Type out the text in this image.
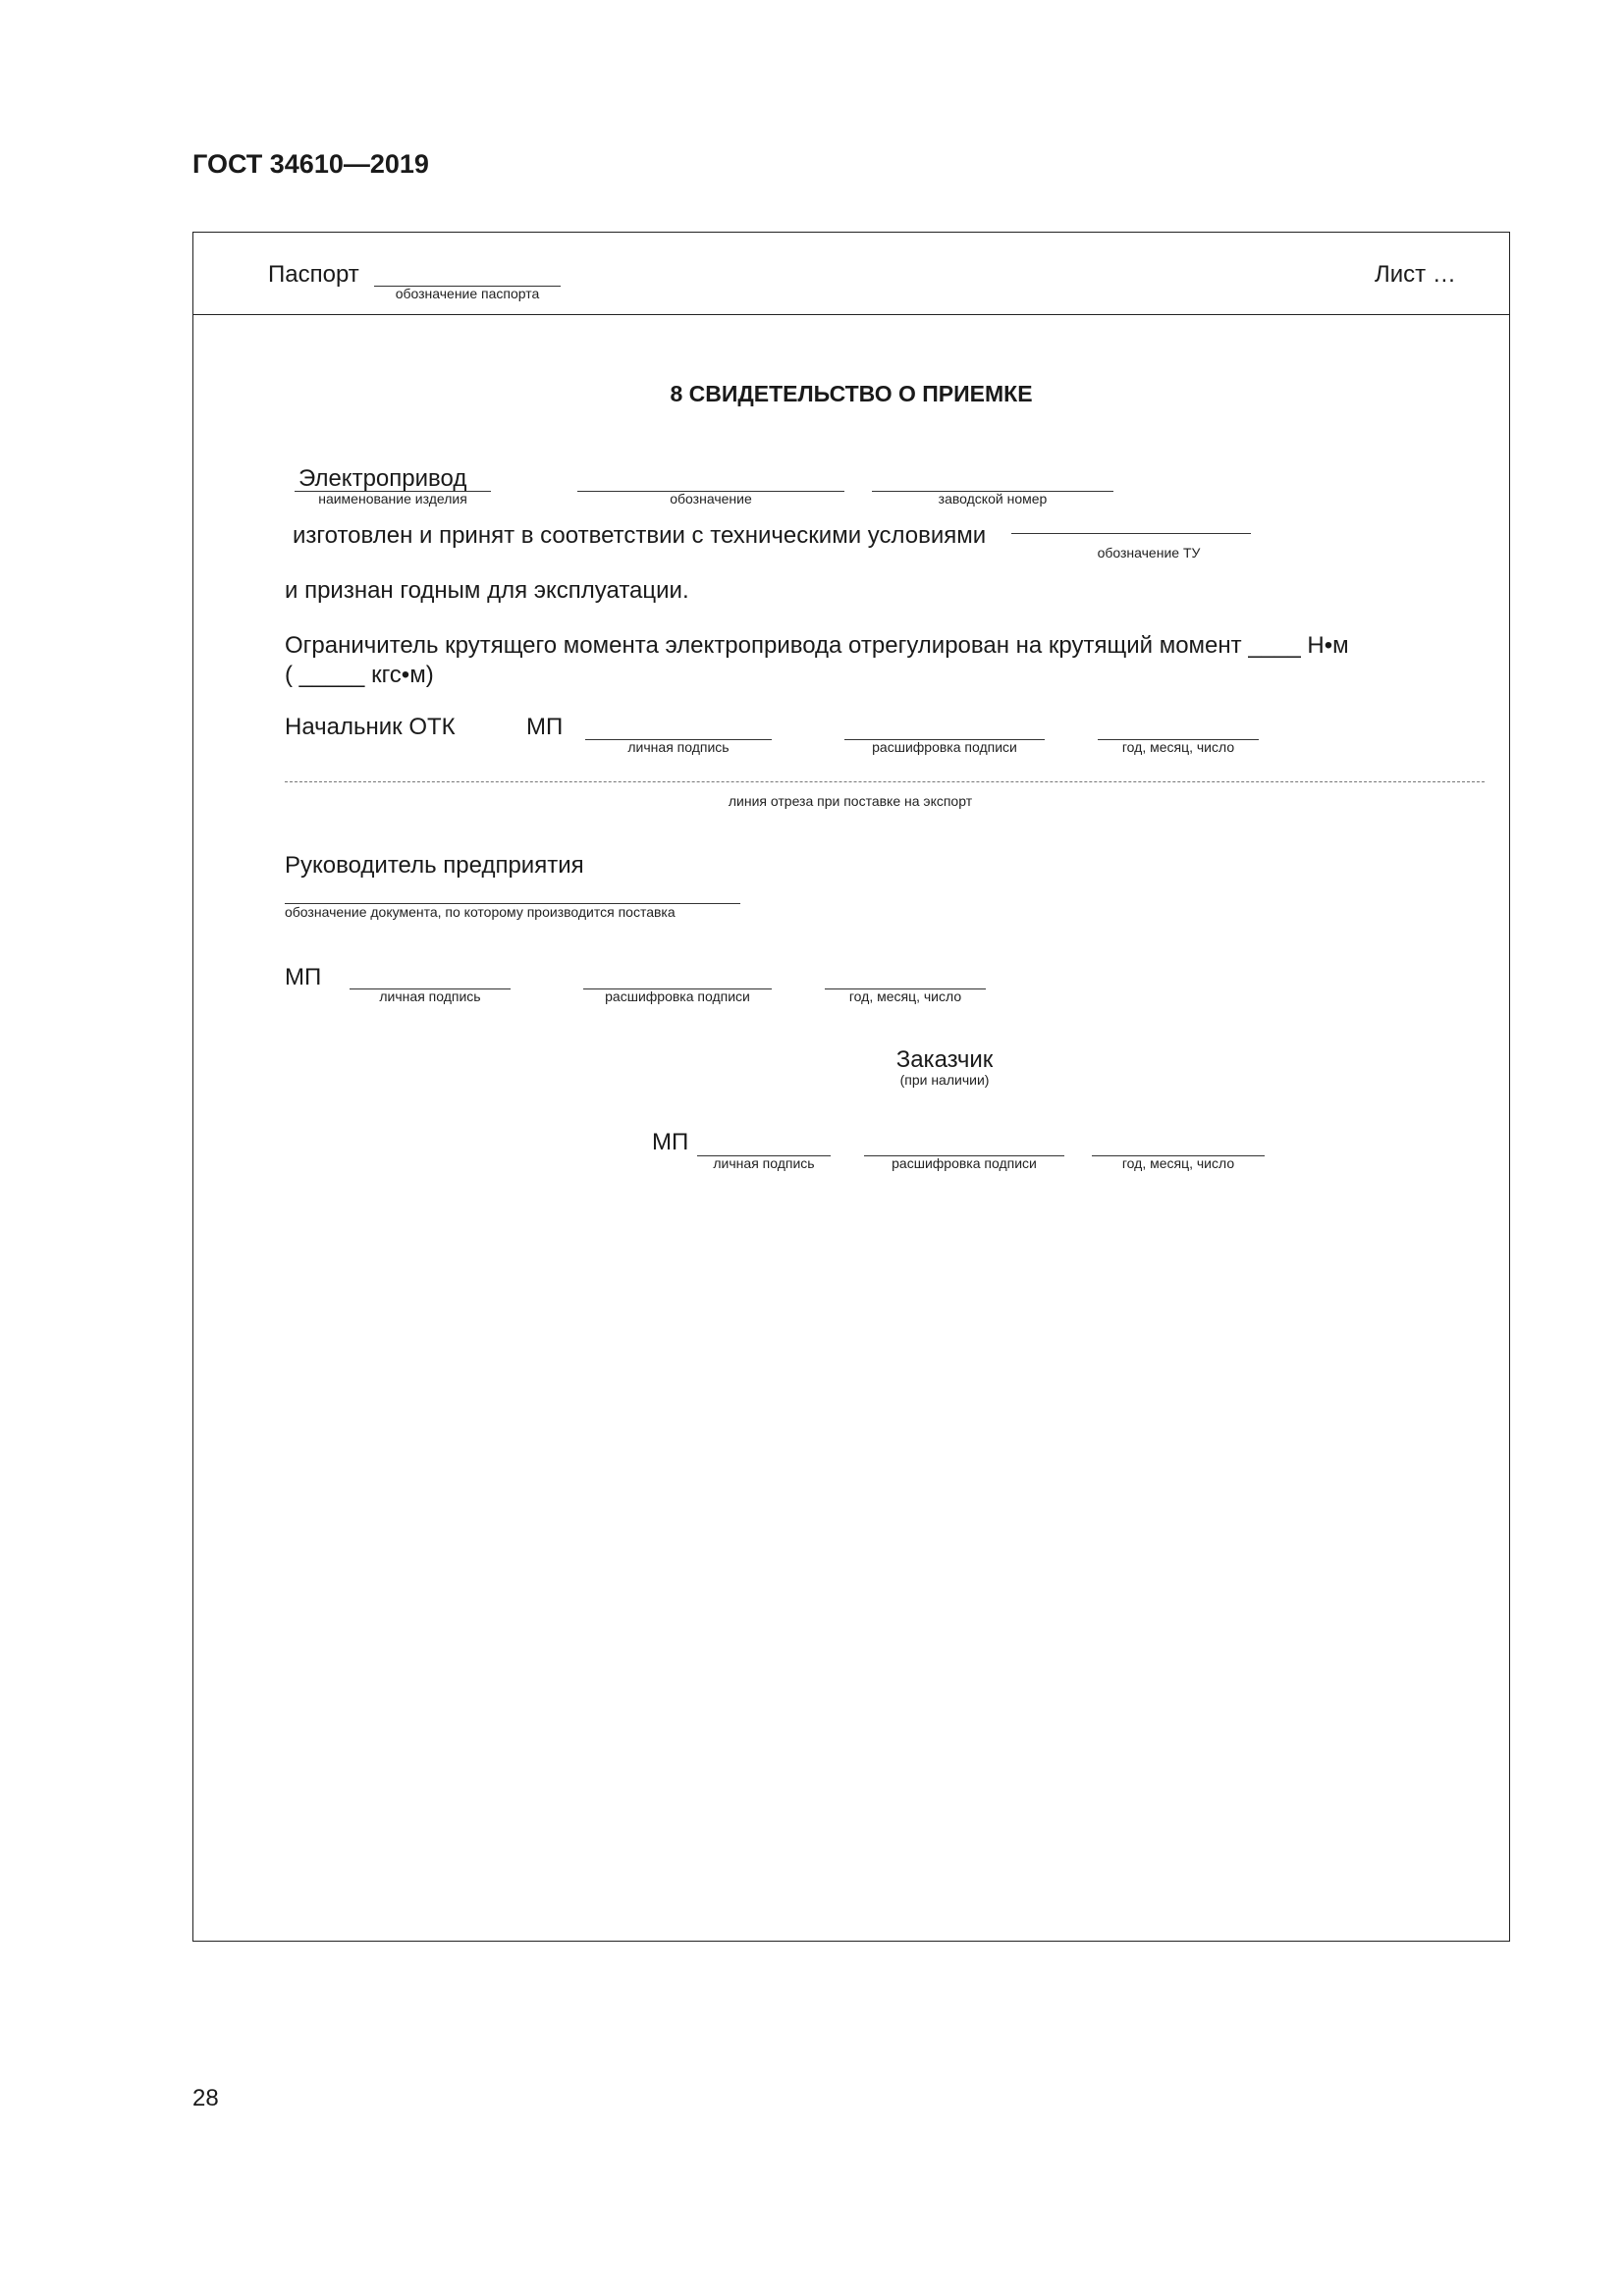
ГОСТ 34610—2019
Паспорт
обозначение паспорта
Лист …
8 СВИДЕТЕЛЬСТВО О ПРИЕМКЕ
Электропривод
наименование изделия	обозначение	заводской номер
изготовлен и принят в соответствии с техническими условиями
обозначение ТУ
и признан годным для эксплуатации.
Ограничитель крутящего момента электропривода отрегулирован на крутящий момент ____ Н•м
( _____ кгс•м)
Начальник ОТК	МП
личная подпись	расшифровка подписи	год, месяц, число
линия отреза при поставке на экспорт
Руководитель предприятия
обозначение документа, по которому производится поставка
МП
личная подпись	расшифровка подписи	год, месяц, число
Заказчик
(при наличии)
МП
личная подпись	расшифровка подписи	год, месяц, число
28
